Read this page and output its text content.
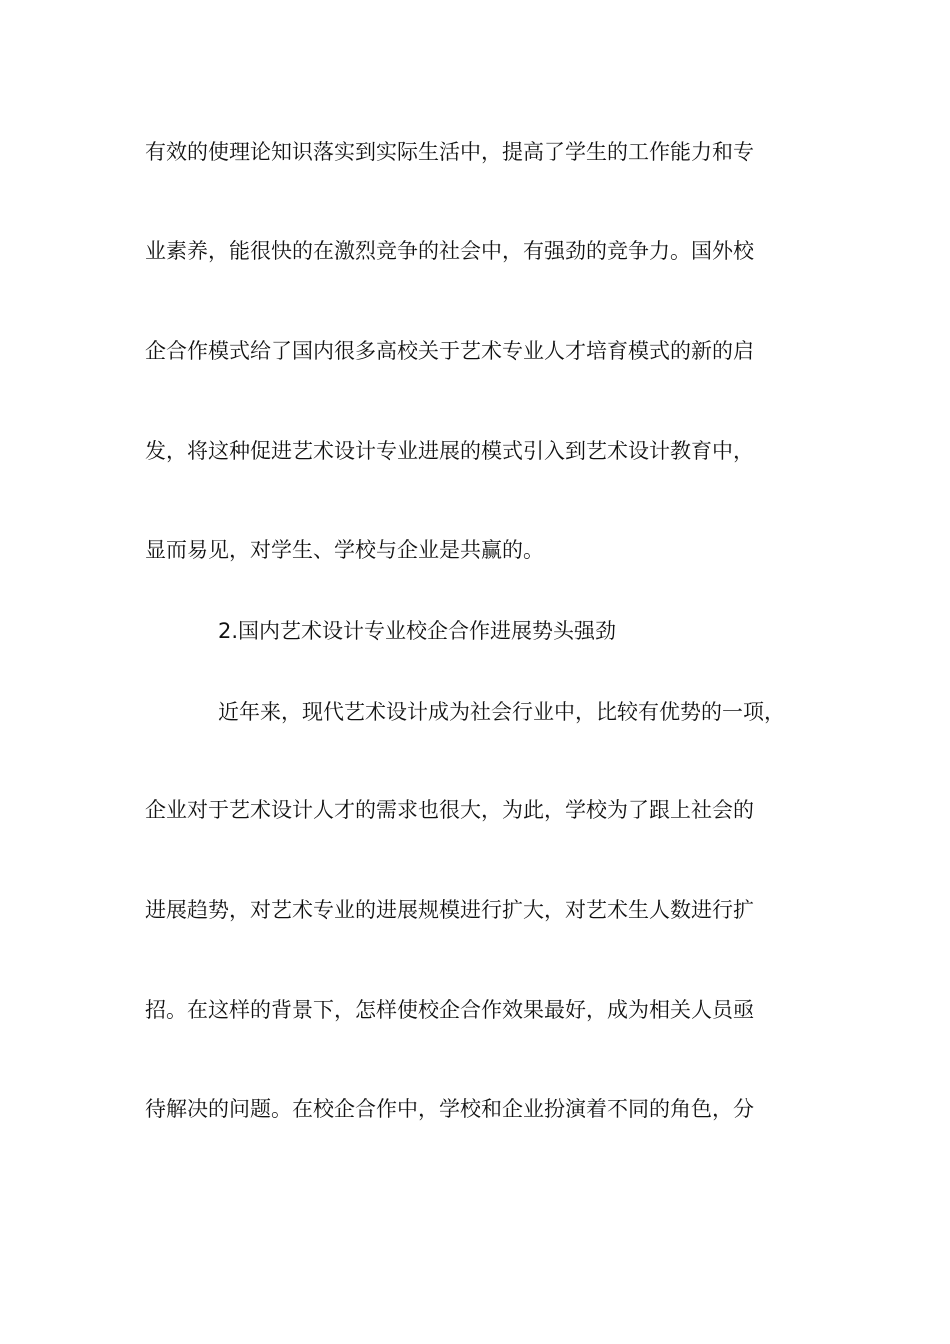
有效的使理论知识落实到实际生活中，提高了学生的工作能力和专
业素养，能很快的在激烈竞争的社会中，有强劲的竞争力。国外校
企合作模式给了国内很多高校关于艺术专业人才培育模式的新的启
发，将这种促进艺术设计专业进展的模式引入到艺术设计教育中，
显而易见，对学生、学校与企业是共赢的。
2.国内艺术设计专业校企合作进展势头强劲
近年来，现代艺术设计成为社会行业中，比较有优势的一项，
企业对于艺术设计人才的需求也很大，为此，学校为了跟上社会的
进展趋势，对艺术专业的进展规模进行扩大，对艺术生人数进行扩
招。在这样的背景下，怎样使校企合作效果最好，成为相关人员亟
待解决的问题。在校企合作中，学校和企业扮演着不同的角色，分
